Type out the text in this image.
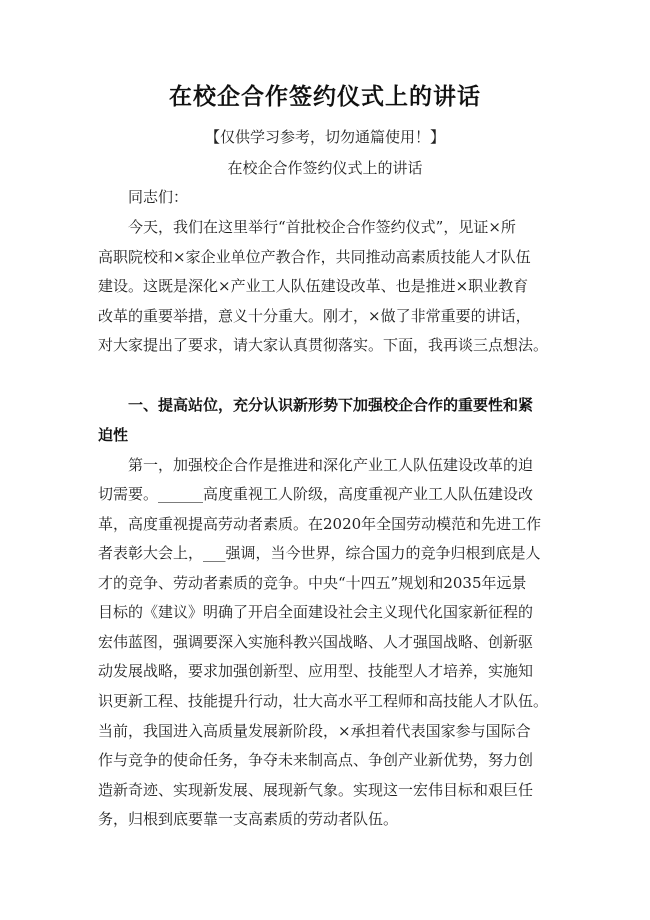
在校企合作签约仪式上的讲话
【仅供学习参考，切勿通篇使用！】
在校企合作签约仪式上的讲话
同志们：
今天，我们在这里举行“首批校企合作签约仪式”，见证×所
高职院校和×家企业单位产教合作，共同推动高素质技能人才队伍
建设。这既是深化×产业工人队伍建设改革、也是推进×职业教育
改革的重要举措，意义十分重大。刚才，×做了非常重要的讲话，
对大家提出了要求，请大家认真贯彻落实。下面，我再谈三点想法。
一、提高站位，充分认识新形势下加强校企合作的重要性和紧
迫性
第一，加强校企合作是推进和深化产业工人队伍建设改革的迫
切需要。______高度重视工人阶级，高度重视产业工人队伍建设改
革，高度重视提高劳动者素质。在2020年全国劳动模范和先进工作
者表彰大会上，___强调，当今世界，综合国力的竞争归根到底是人
才的竞争、劳动者素质的竞争。中央“十四五”规划和2035年远景
目标的《建议》明确了开启全面建设社会主义现代化国家新征程的
宏伟蓝图，强调要深入实施科教兴国战略、人才强国战略、创新驱
动发展战略，要求加强创新型、应用型、技能型人才培养，实施知
识更新工程、技能提升行动，壮大高水平工程师和高技能人才队伍。
当前，我国进入高质量发展新阶段，×承担着代表国家参与国际合
作与竞争的使命任务，争夺未来制高点、争创产业新优势，努力创
造新奇迹、实现新发展、展现新气象。实现这一宏伟目标和艰巨任
务，归根到底要靠一支高素质的劳动者队伍。
